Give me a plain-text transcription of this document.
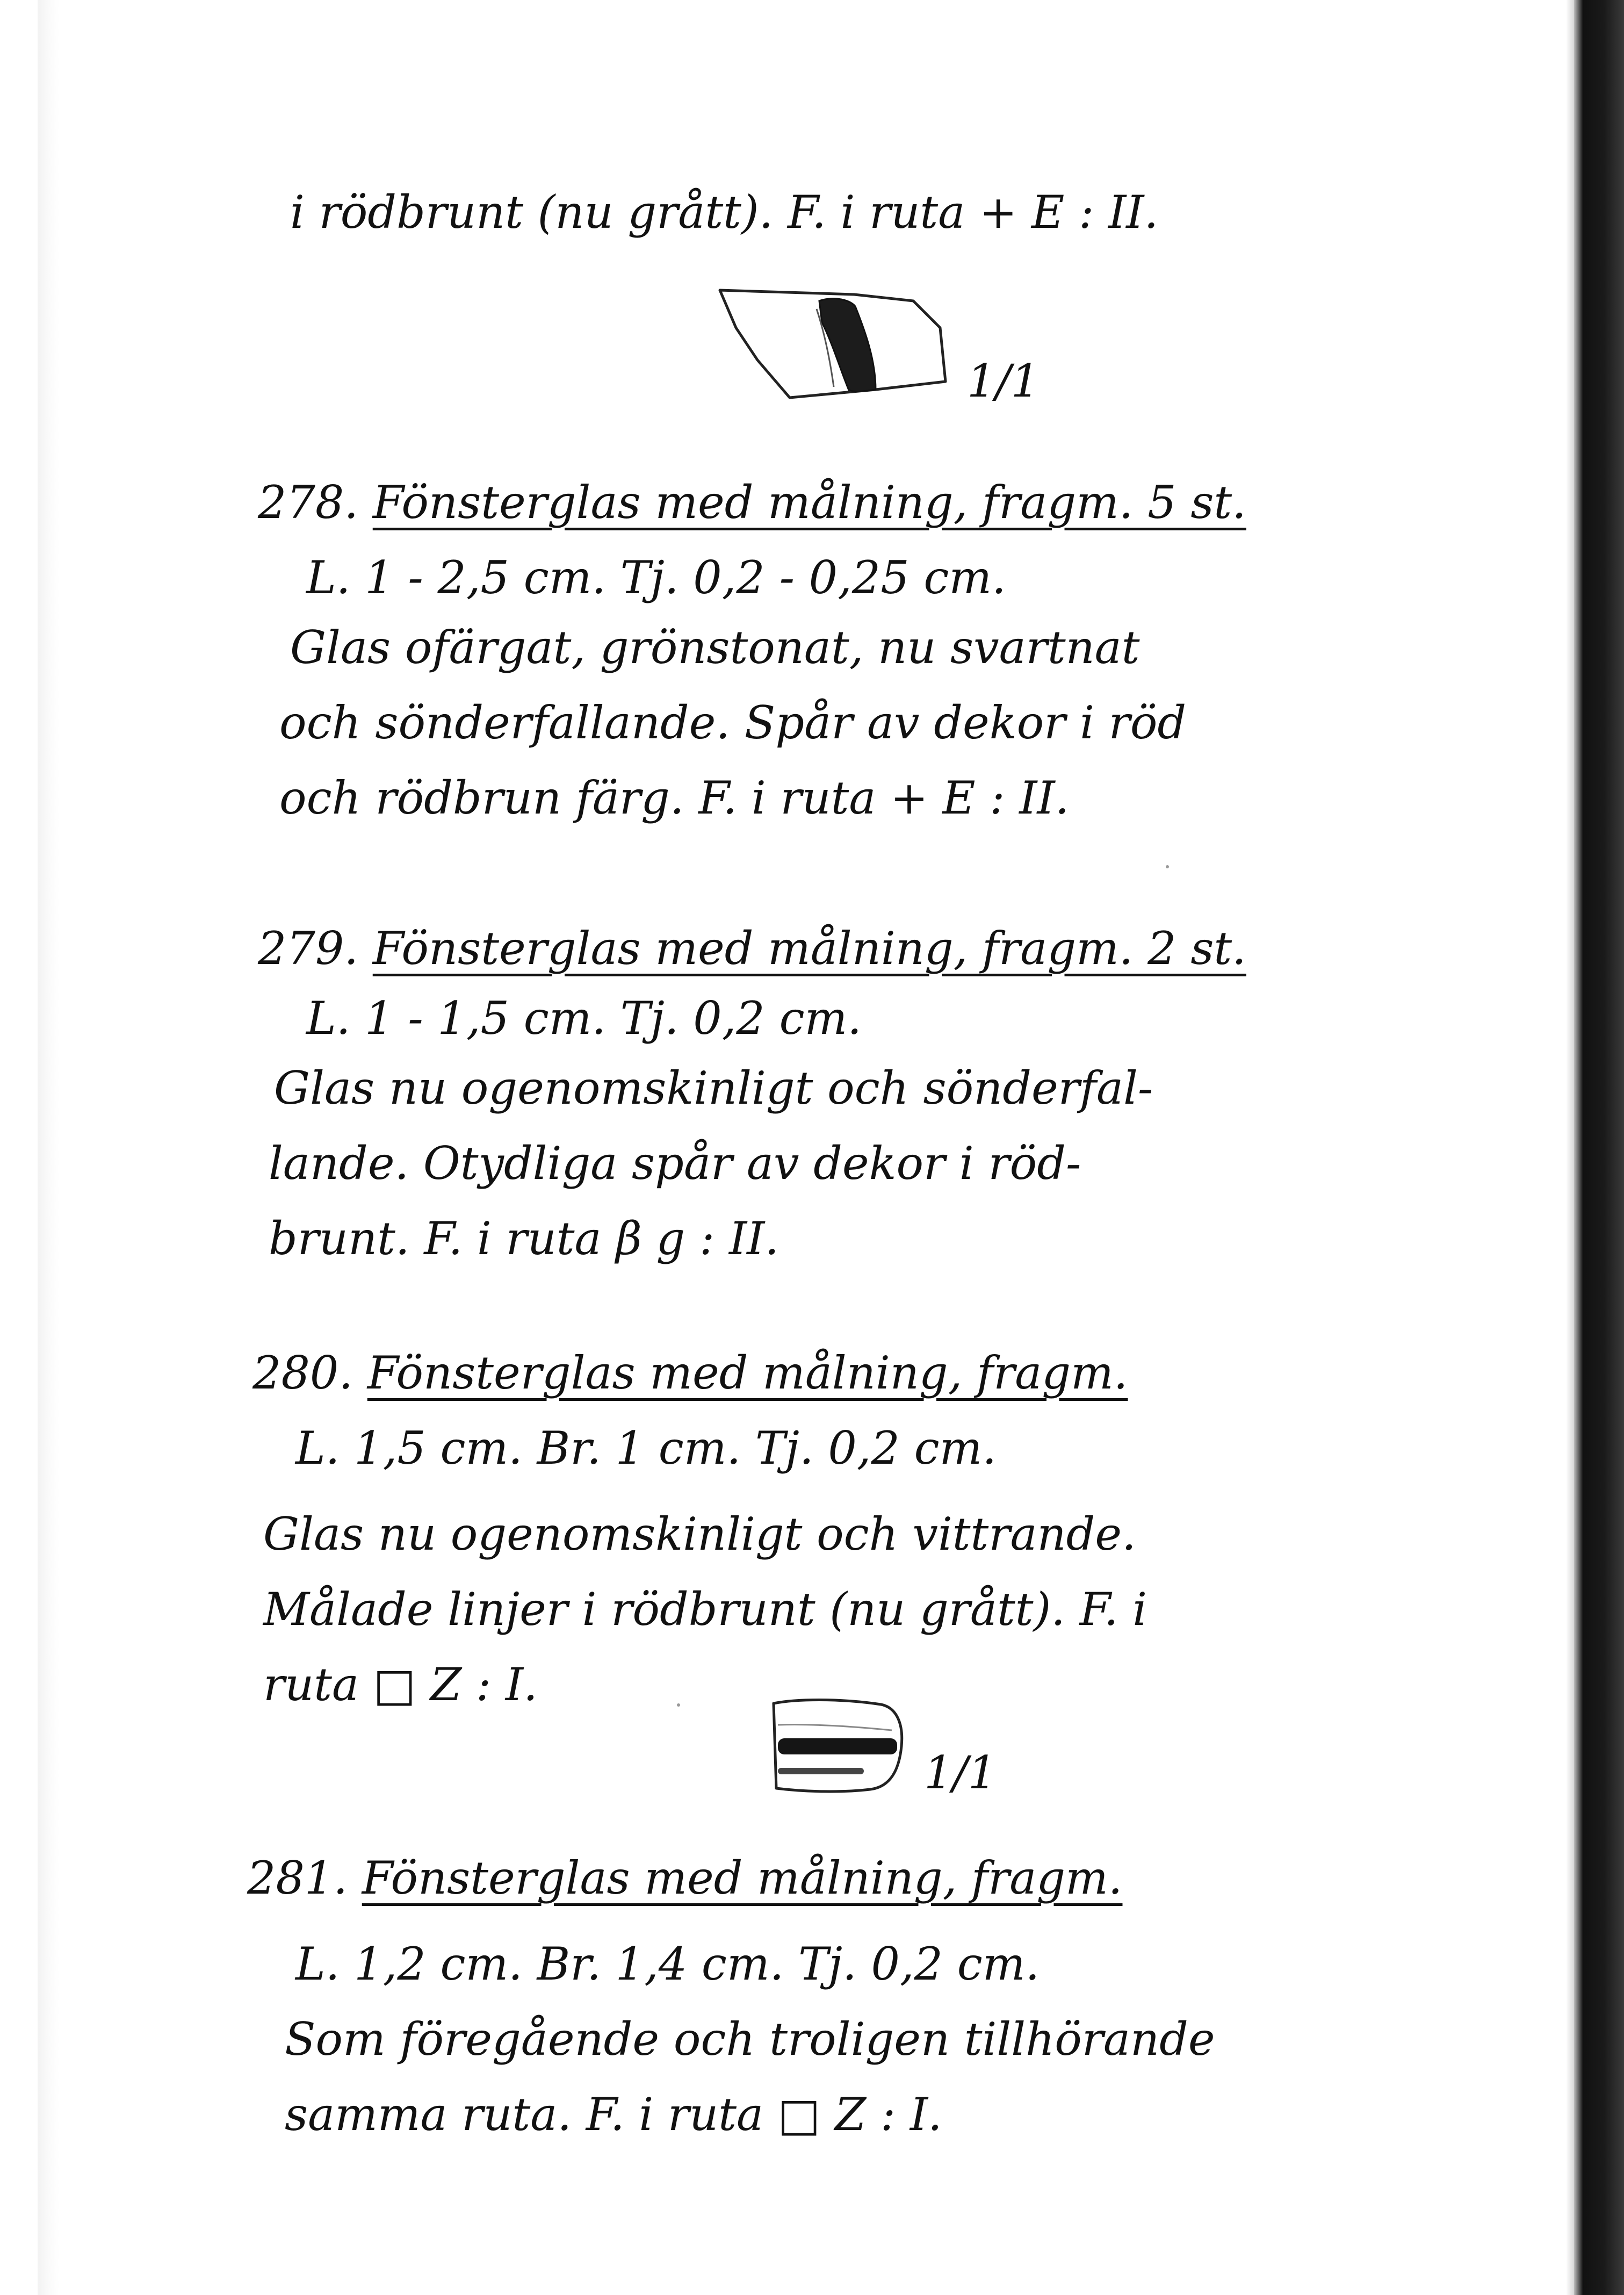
i rödbrunt (nu grått). F. i ruta + E : II.
1/1
278. Fönsterglas med målning, fragm. 5 st.
L. 1 - 2,5 cm. Tj. 0,2 - 0,25 cm.
Glas ofärgat, grönstonat, nu svartnat
och sönderfallande. Spår av dekor i röd
och rödbrun färg. F. i ruta + E : II.
279. Fönsterglas med målning, fragm. 2 st.
L. 1 - 1,5 cm. Tj. 0,2 cm.
Glas nu ogenomskinligt och sönderfal-
lande. Otydliga spår av dekor i röd-
brunt. F. i ruta β g : II.
280. Fönsterglas med målning, fragm.
L. 1,5 cm. Br. 1 cm. Tj. 0,2 cm.
Glas nu ogenomskinligt och vittrande.
Målade linjer i rödbrunt (nu grått). F. i
ruta □ Z : I.
1/1
281. Fönsterglas med målning, fragm.
L. 1,2 cm. Br. 1,4 cm. Tj. 0,2 cm.
Som föregående och troligen tillhörande
samma ruta. F. i ruta □ Z : I.
